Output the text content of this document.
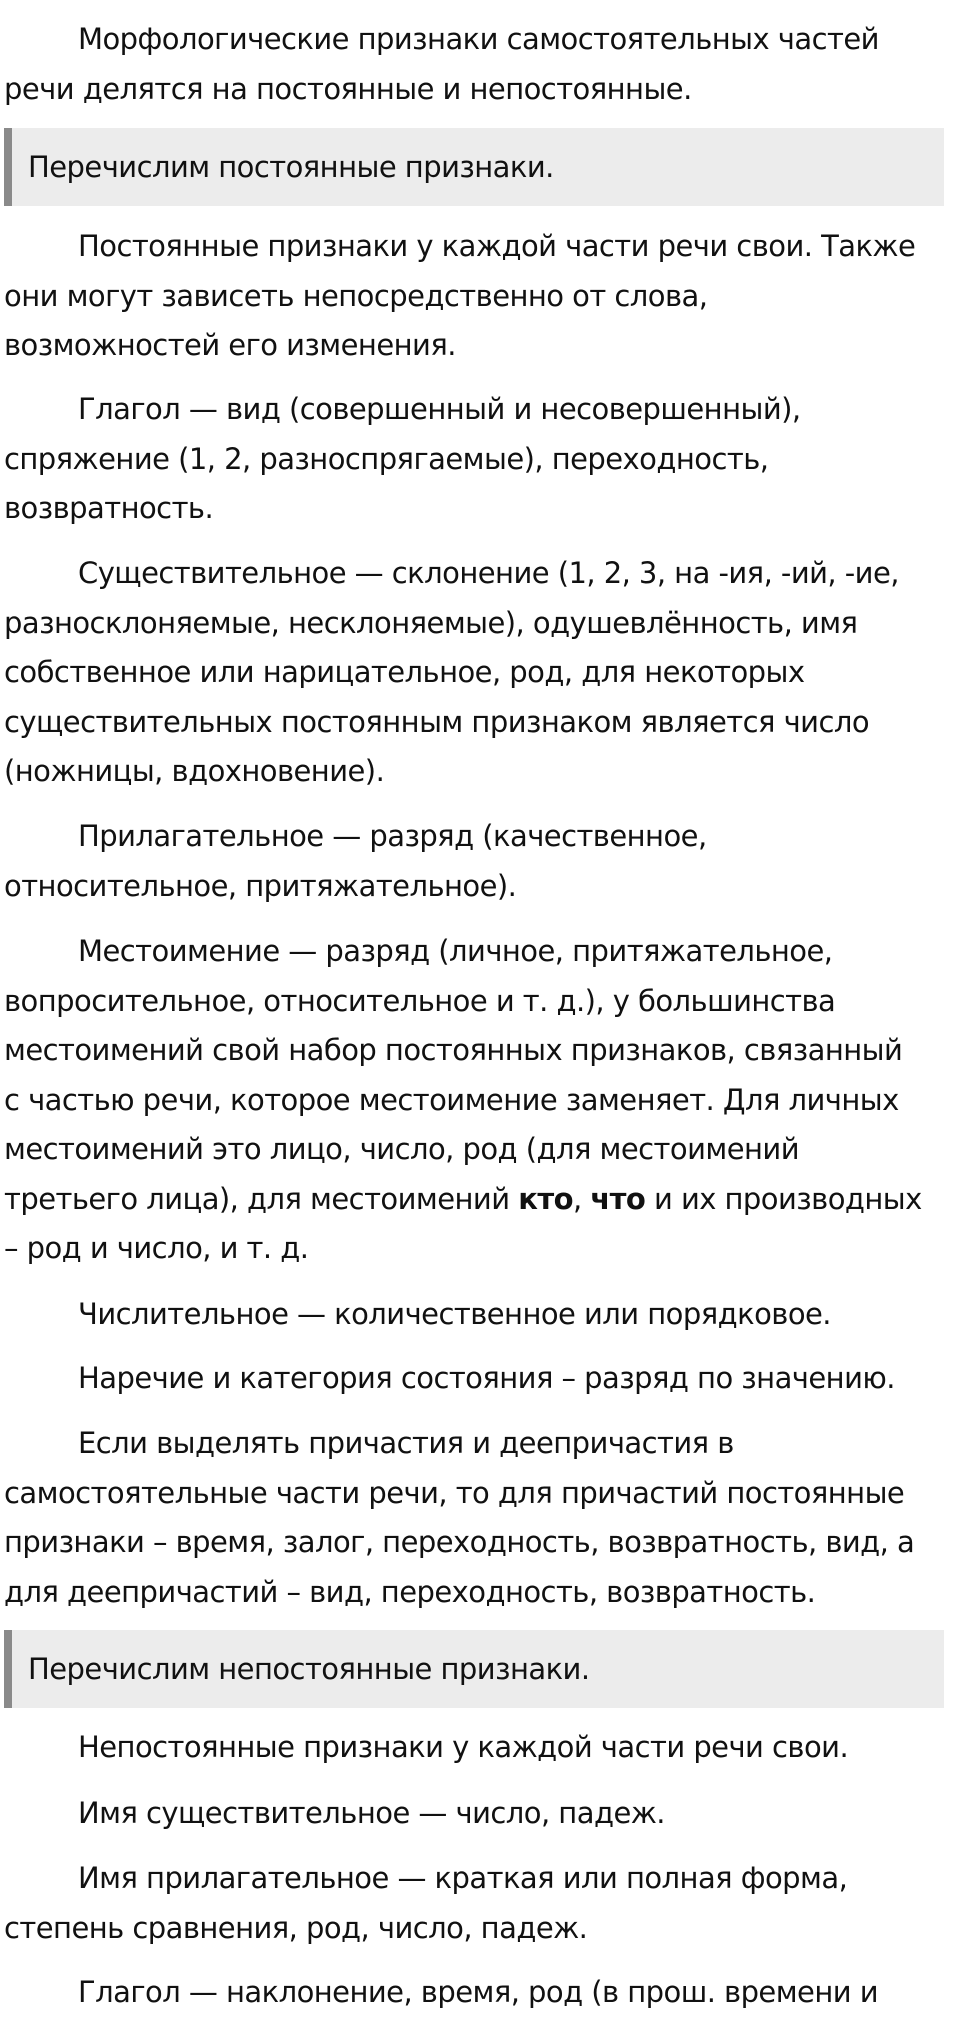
Морфологические признаки самостоятельных частей
речи делятся на постоянные и непостоянные.

Перечислим постоянные признаки.

Постоянные признаки у каждой части речи свои. Также
они могут зависеть непосредственно от слова,
возможностей его изменения.

Глагол — вид (совершенный и несовершенный),
спряжение (1, 2, разноспрягаемые), переходность,
возвратность.

Существительное — склонение (1, 2, 3, на -ия, -ий, -ие,
разносклоняемые, несклоняемые), одушевлённость, имя
собственное или нарицательное, род, для некоторых
существительных постоянным признаком является число
(ножницы, вдохновение).

Прилагательное — разряд (качественное,
относительное, притяжательное).

Местоимение — разряд (личное, притяжательное,
вопросительное, относительное и т. д.), у большинства
местоимений свой набор постоянных признаков, связанный
с частью речи, которое местоимение заменяет. Для личных
местоимений это лицо, число, род (для местоимений
третьего лица), для местоимений кто, что и их производных
– род и число, и т. д.

Числительное — количественное или порядковое.

Наречие и категория состояния – разряд по значению.

Если выделять причастия и деепричастия в
самостоятельные части речи, то для причастий постоянные
признаки – время, залог, переходность, возвратность, вид, а
для деепричастий – вид, переходность, возвратность.

Перечислим непостоянные признаки.

Непостоянные признаки у каждой части речи свои.

Имя существительное — число, падеж.

Имя прилагательное — краткая или полная форма,
степень сравнения, род, число, падеж.

Глагол — наклонение, время, род (в прош. времени и
